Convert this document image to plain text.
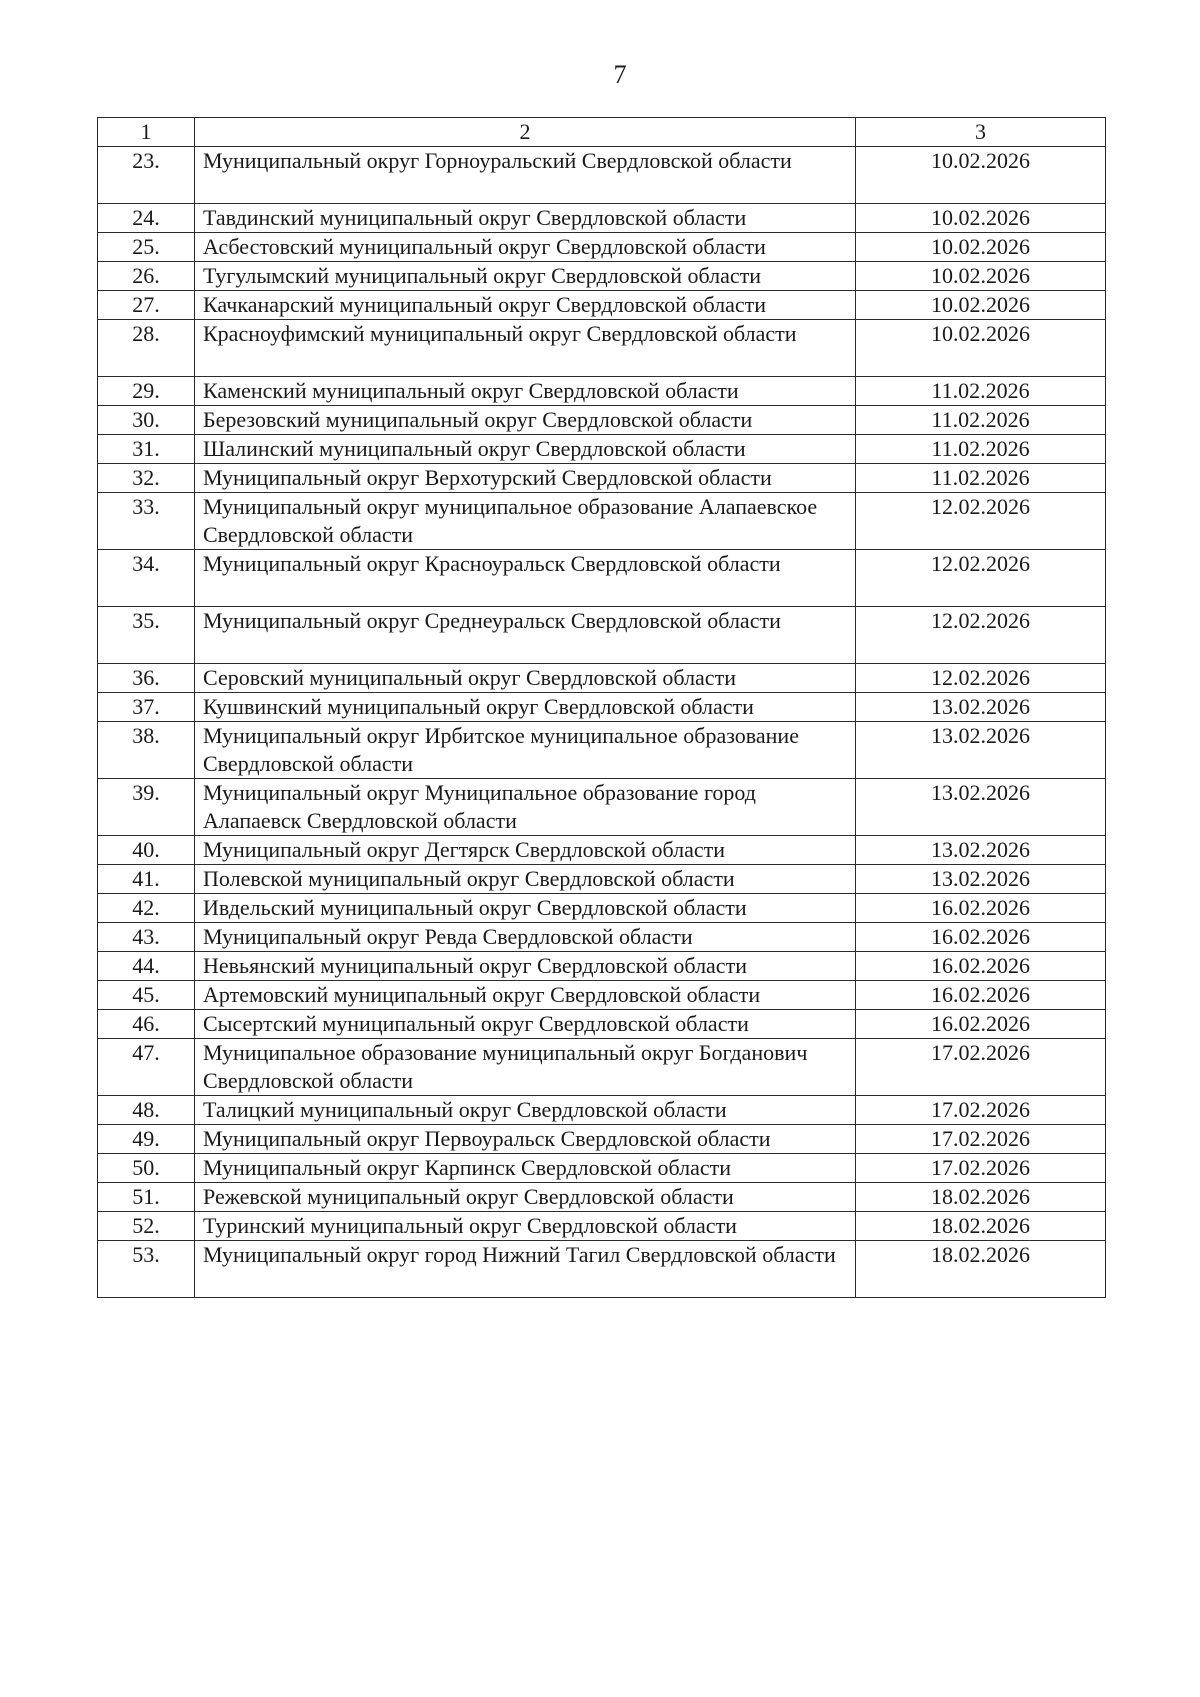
7
1	2	3
23.	Муниципальный округ Горноуральский Свердловской области	10.02.2026
24.	Тавдинский муниципальный округ Свердловской области	10.02.2026
25.	Асбестовский муниципальный округ Свердловской области	10.02.2026
26.	Тугулымский муниципальный округ Свердловской области	10.02.2026
27.	Качканарский муниципальный округ Свердловской области	10.02.2026
28.	Красноуфимский муниципальный округ Свердловской области	10.02.2026
29.	Каменский муниципальный округ Свердловской области	11.02.2026
30.	Березовский муниципальный округ Свердловской области	11.02.2026
31.	Шалинский муниципальный округ Свердловской области	11.02.2026
32.	Муниципальный округ Верхотурский Свердловской области	11.02.2026
33.	Муниципальный округ муниципальное образование Алапаевское Свердловской области	12.02.2026
34.	Муниципальный округ Красноуральск Свердловской области	12.02.2026
35.	Муниципальный округ Среднеуральск Свердловской области	12.02.2026
36.	Серовский муниципальный округ Свердловской области	12.02.2026
37.	Кушвинский муниципальный округ Свердловской области	13.02.2026
38.	Муниципальный округ Ирбитское муниципальное образование Свердловской области	13.02.2026
39.	Муниципальный округ Муниципальное образование город Алапаевск Свердловской области	13.02.2026
40.	Муниципальный округ Дегтярск Свердловской области	13.02.2026
41.	Полевской муниципальный округ Свердловской области	13.02.2026
42.	Ивдельский муниципальный округ Свердловской области	16.02.2026
43.	Муниципальный округ Ревда Свердловской области	16.02.2026
44.	Невьянский муниципальный округ Свердловской области	16.02.2026
45.	Артемовский муниципальный округ Свердловской области	16.02.2026
46.	Сысертский муниципальный округ Свердловской области	16.02.2026
47.	Муниципальное образование муниципальный округ Богданович Свердловской области	17.02.2026
48.	Талицкий муниципальный округ Свердловской области	17.02.2026
49.	Муниципальный округ Первоуральск Свердловской области	17.02.2026
50.	Муниципальный округ Карпинск Свердловской области	17.02.2026
51.	Режевской муниципальный округ Свердловской области	18.02.2026
52.	Туринский муниципальный округ Свердловской области	18.02.2026
53.	Муниципальный округ город Нижний Тагил Свердловской области	18.02.2026
